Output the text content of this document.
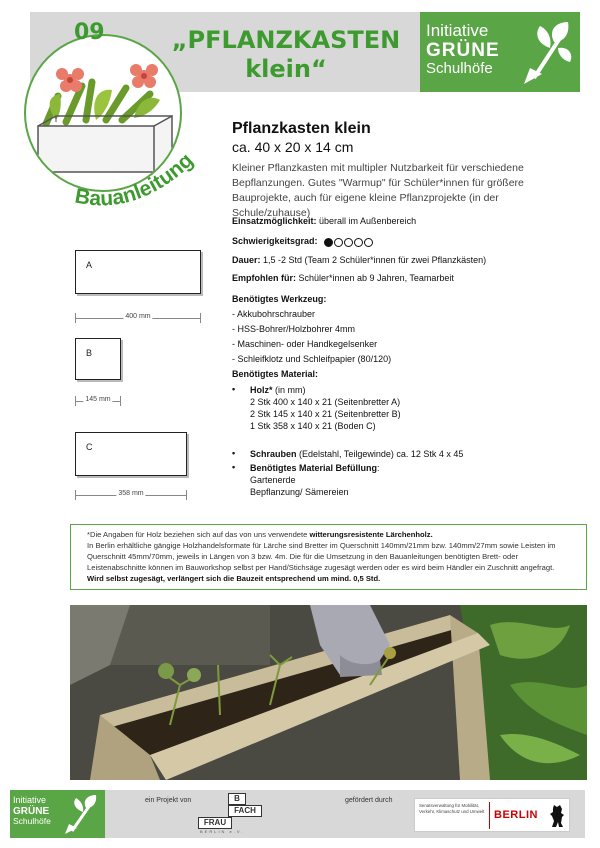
Initiative
GRÜNE
Schulhöfe
Bauanleitung
09	„PFLANZKASTEN
klein“
Pflanzkasten klein
ca. 40 x 20 x 14 cm
Kleiner Pflanzkasten mit multipler Nutzbarkeit für verschiedene Bepflanzungen. Gutes "Warmup" für Schüler*innen für größere Bauprojekte, auch für eigene kleine Pflanzprojekte (in der Schule/zuhause)
Einsatzmöglichkeit: überall im Außenbereich
Schwierigkeitsgrad:
Dauer: 1,5 -2 Std (Team 2 Schüler*innen für zwei Pflanzkästen)
Empfohlen für: Schüler*innen ab 9 Jahren, Teamarbeit
Benötigtes Werkzeug:
- Akkubohrschrauber
- HSS-Bohrer/Holzbohrer 4mm
- Maschinen- oder Handkegelsenker
- Schleifklotz und Schleifpapier (80/120)
Benötigtes Material:
• Holz* (in mm)
2 Stk 400 x 140 x 21 (Seitenbretter A)
2 Stk 145 x 140 x 21 (Seitenbretter B)
1 Stk 358 x 140 x 21 (Boden C)
• Schrauben (Edelstahl, Teilgewinde) ca. 12 Stk 4 x 45
• Benötigtes Material Befüllung:
Gartenerde
Bepflanzung/ Sämereien
A
400 mm
B
145 mm
C
358 mm
*Die Angaben für Holz beziehen sich auf das von uns verwendete witterungsresistente Lärchenholz.
In Berlin erhältliche gängige Holzhandelsformate für Lärche sind Bretter im Querschnitt 140mm/21mm bzw. 140mm/27mm sowie Leisten im Querschnitt 45mm/70mm, jeweils in Längen von 3 bzw. 4m. Die für die Umsetzung in den Bauanleitungen benötigten Brett- oder Leistenabschnitte können im Bauworkshop selbst per Hand/Stichsäge zugesägt werden oder es wird beim Händler ein Zuschnitt angefragt. Wird selbst zugesägt, verlängert sich die Bauzeit entsprechend um mind. 0,5 Std.
Initiative
GRÜNE
Schulhöfe
ein Projekt von	B
FACH
FRAU
BERLIN e.V.
gefördert durch
Senatsverwaltung für Mobilität, Verkehr, Klimaschutz und Umwelt BERLIN
